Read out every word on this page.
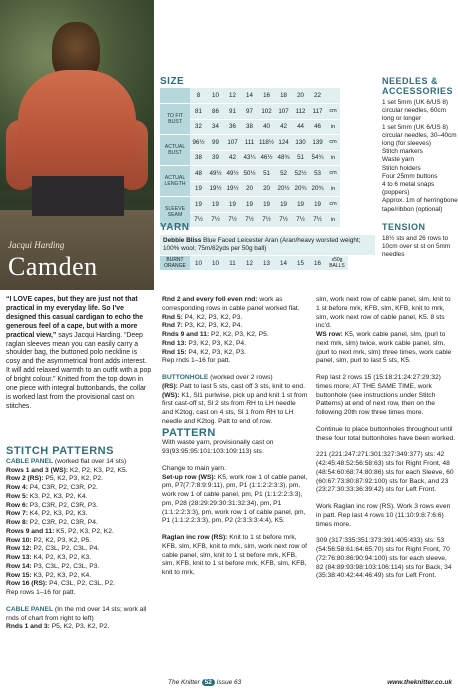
Jacqui Harding
Camden
SIZE
	8	10	12	14	16	18	20	22	
TO FIT BUST	81	86	91	97	102	107	112	117	cm
	32	34	36	38	40	42	44	46	in
ACTUAL BUST	96½	99	107	111	118½	124	130	139	cm
	38	39	42	43¼	46½	48¾	51	54¾	in
ACTUAL LENGTH	48	49½	49½	50½	51	52	52½	53	cm
	19	19½	19½	20	20	20½	20¾	20¾	in
SLEEVE SEAM	19	19	19	19	19	19	19	19	cm
	7½	7½	7½	7½	7½	7½	7½	7½	in
YARN
Debbie Bliss Blue Faced Leicester Aran (Aran/heavy worsted weight; 100% wool; 75m/82yds per 50g ball)
BURNT ORANGE	10	10	11	12	13	14	15	16	x50g BALLS
NEEDLES & ACCESSORIES

1 set 5mm (UK 6/US 8) circular needles, 60cm long or longer

1 set 5mm (UK 6/US 8) circular needles, 30–40cm long (for sleeves)

Stitch markers

Waste yarn

Stitch holders

Four 25mm buttons

4 to 6 metal snaps (poppers)

Approx. 1m of herringbone tape/ribbon (optional)

TENSION

18½ sts and 26 rows to 10cm over st st on 5mm needles

“I LOVE capes, but they are just not that practical in my everyday life. So I’ve designed this casual cardigan to echo the generous feel of a cape, but with a more practical view,” says Jacqui Harding. “Deep raglan sleeves mean you can easily carry a shoulder bag, the buttoned polo neckline is cosy and the asymmetrical front adds interest. It will add relaxed warmth to an outfit with a pop of bright colour.” Knitted from the top down in one piece with integral buttonbands, the collar is worked last from the provisional cast on stitches.
STITCH PATTERNS

CABLE PANEL (worked flat over 14 sts)

Rows 1 and 3 (WS): K2, P2, K3, P2, K5.

Row 2 (RS): P5, K2, P3, K2, P2.

Row 4: P4, C3R, P2, C3R, P2.

Row 5: K3, P2, K3, P2, K4.

Row 6: P3, C3R, P2, C3R, P3.

Row 7: K4, P2, K3, P2, K3.

Row 8: P2, C3R, P2, C3R, P4.

Rows 9 and 11: K5, P2, K3, P2, K2.

Row 10: P2, K2, P3, K2, P5.

Row 12: P2, C3L, P2, C3L, P4.

Row 13: K4, P2, K3, P2, K3.

Row 14: P3, C3L, P2, C3L, P3.

Row 15: K3, P2, K3, P2, K4.

Row 16 (RS): P4, C3L, P2, C3L, P2.

Rep rows 1–16 for patt.

CABLE PANEL (In the rnd over 14 sts; work all rnds of chart from right to left)

Rnds 1 and 3: P5, K2, P3, K2, P2.

Rnd 2 and every foll even rnd: work as corresponding rows in cable panel worked flat.

Rnd 5: P4, K2, P3, K2, P3.

Rnd 7: P3, K2, P3, K2, P4.

Rnds 9 and 11: P2, K2, P3, K2, P5.

Rnd 13: P3, K2, P3, K2, P4.

Rnd 15: P4, K2, P3, K2, P3.

Rep rnds 1–16 for patt.

BUTTONHOLE (worked over 2 rows)

(RS): Patt to last 5 sts, cast off 3 sts, knit to end.

(WS): K1, Sl1 purlwise, pick up and knit 1 st from first cast-off st, Sl 2 sts from RH to LH needle and K2tog, cast on 4 sts, Sl 1 from RH to LH needle and K2tog. Patt to end of row.

PATTERN

With waste yarn, provisionally cast on 93(93:95:95:101:103:109:113) sts.

Change to main yarn.

Set-up row (WS): K5, work row 1 of cable panel, pm, P7(7:7:8:9:9:11), pm, P1 (1:1:2:2:3:3), pm, work row 1 of cable panel, pm, P1 (1:1:2:2:3:3), pm, P28 (28:29:29:30:31:32:34), pm, P1 (1:1:2:2:3:3), pm, work row 1 of cable panel, pm, P1 (1:1:2:2:3:3), pm, P2 (2:3:3:3:4:4), K5.

Raglan inc row (RS): Knit to 1 st before mrk, KFB, slm, KFB, knit to mrk, slm, work next row of cable panel, slm, knit to 1 st before mrk, KFB, slm, KFB, knit to 1 st before mrk, KFB, slm, KFB, knit to mrk,

slm, work next row of cable panel, slm, knit to 1 st before mrk, KFB, slm, KFB, knit to mrk, slm, work next row of cable panel, K5. 8 sts inc’d.

WS row: K5, work cable panel, slm, (purl to next mrk, slm) twice, work cable panel, slm, (purl to next mrk, slm) three times, work cable panel, slm, purl to last 5 sts, K5.

Rep last 2 rows 15 (15:18:21:24:27:29:32) times more; AT THE SAME TIME, work buttonhole (see instructions under Stitch Patterns) at end of next row, then on the following 20th row three times more.

Continue to place buttonholes throughout until these four total buttonholes have been worked.

221 (221:247:271:301:327:349:377) sts: 42 (42:45:48:52:56:58:63) sts for Right Front, 48 (48:54:60:68:74:80:86) sts for each Sleeve, 60 (60:67:73:80:87:92:100) sts for Back, and 23 (23:27:30:33:36:39:42) sts for Left Front.

Work Raglan inc row (RS). Work 3 rows even in patt. Rep last 4 rows 10 (11:10:9:8:7:6:6) times more.

309 (317:335:351:373:391:405:433) sts: 53 (54:56:58:61:64:65:70) sts for Right Front, 70 (72:76:80:86:90:94:100) sts for each sleeve, 82 (84:89:93:98:103:106:114) sts for Back, 34 (35:38:40:42:44:46:49) sts for Left Front.

The Knitter 52 Issue 63	www.theknitter.co.uk
